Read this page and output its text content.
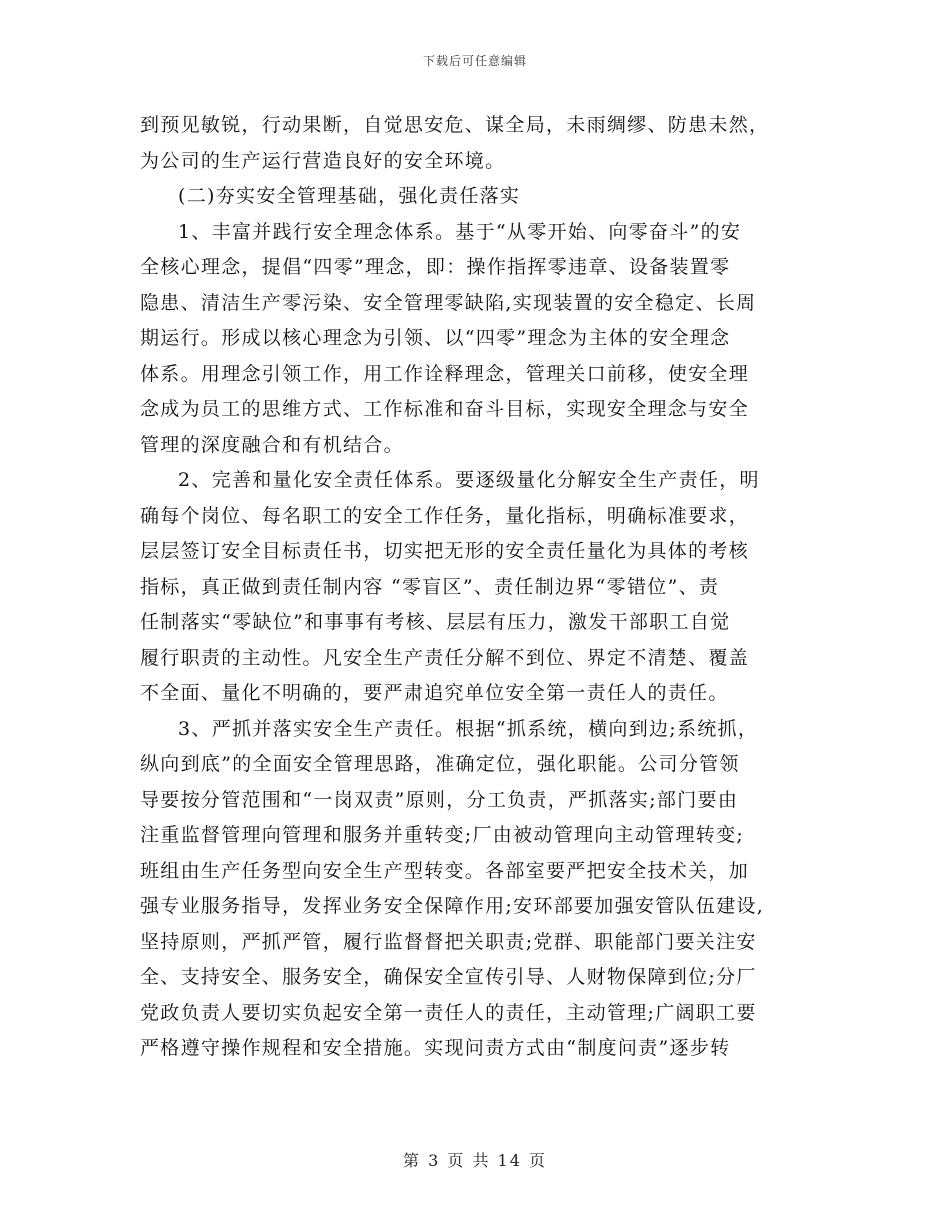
下载后可任意编辑
到预见敏锐，行动果断，自觉思安危、谋全局，未雨绸缪、防患未然，
为公司的生产运行营造良好的安全环境。
(二)夯实安全管理基础，强化责任落实
1、丰富并践行安全理念体系。基于“从零开始、向零奋斗”的安
全核心理念，提倡“四零”理念，即：操作指挥零违章、设备装置零
隐患、清洁生产零污染、安全管理零缺陷,实现装置的安全稳定、长周
期运行。形成以核心理念为引领、以“四零”理念为主体的安全理念
体系。用理念引领工作，用工作诠释理念，管理关口前移，使安全理
念成为员工的思维方式、工作标准和奋斗目标，实现安全理念与安全
管理的深度融合和有机结合。
2、完善和量化安全责任体系。要逐级量化分解安全生产责任，明
确每个岗位、每名职工的安全工作任务，量化指标，明确标准要求，
层层签订安全目标责任书，切实把无形的安全责任量化为具体的考核
指标，真正做到责任制内容 “零盲区”、责任制边界“零错位”、责
任制落实“零缺位”和事事有考核、层层有压力，激发干部职工自觉
履行职责的主动性。凡安全生产责任分解不到位、界定不清楚、覆盖
不全面、量化不明确的，要严肃追究单位安全第一责任人的责任。
3、严抓并落实安全生产责任。根据“抓系统，横向到边;系统抓，
纵向到底”的全面安全管理思路，准确定位，强化职能。公司分管领
导要按分管范围和“一岗双责”原则，分工负责，严抓落实;部门要由
注重监督管理向管理和服务并重转变;厂由被动管理向主动管理转变;
班组由生产任务型向安全生产型转变。各部室要严把安全技术关，加
强专业服务指导，发挥业务安全保障作用;安环部要加强安管队伍建设,
坚持原则，严抓严管，履行监督督把关职责;党群、职能部门要关注安
全、支持安全、服务安全，确保安全宣传引导、人财物保障到位;分厂
党政负责人要切实负起安全第一责任人的责任，主动管理;广阔职工要
严格遵守操作规程和安全措施。实现问责方式由“制度问责”逐步转
第 3 页 共 14 页
